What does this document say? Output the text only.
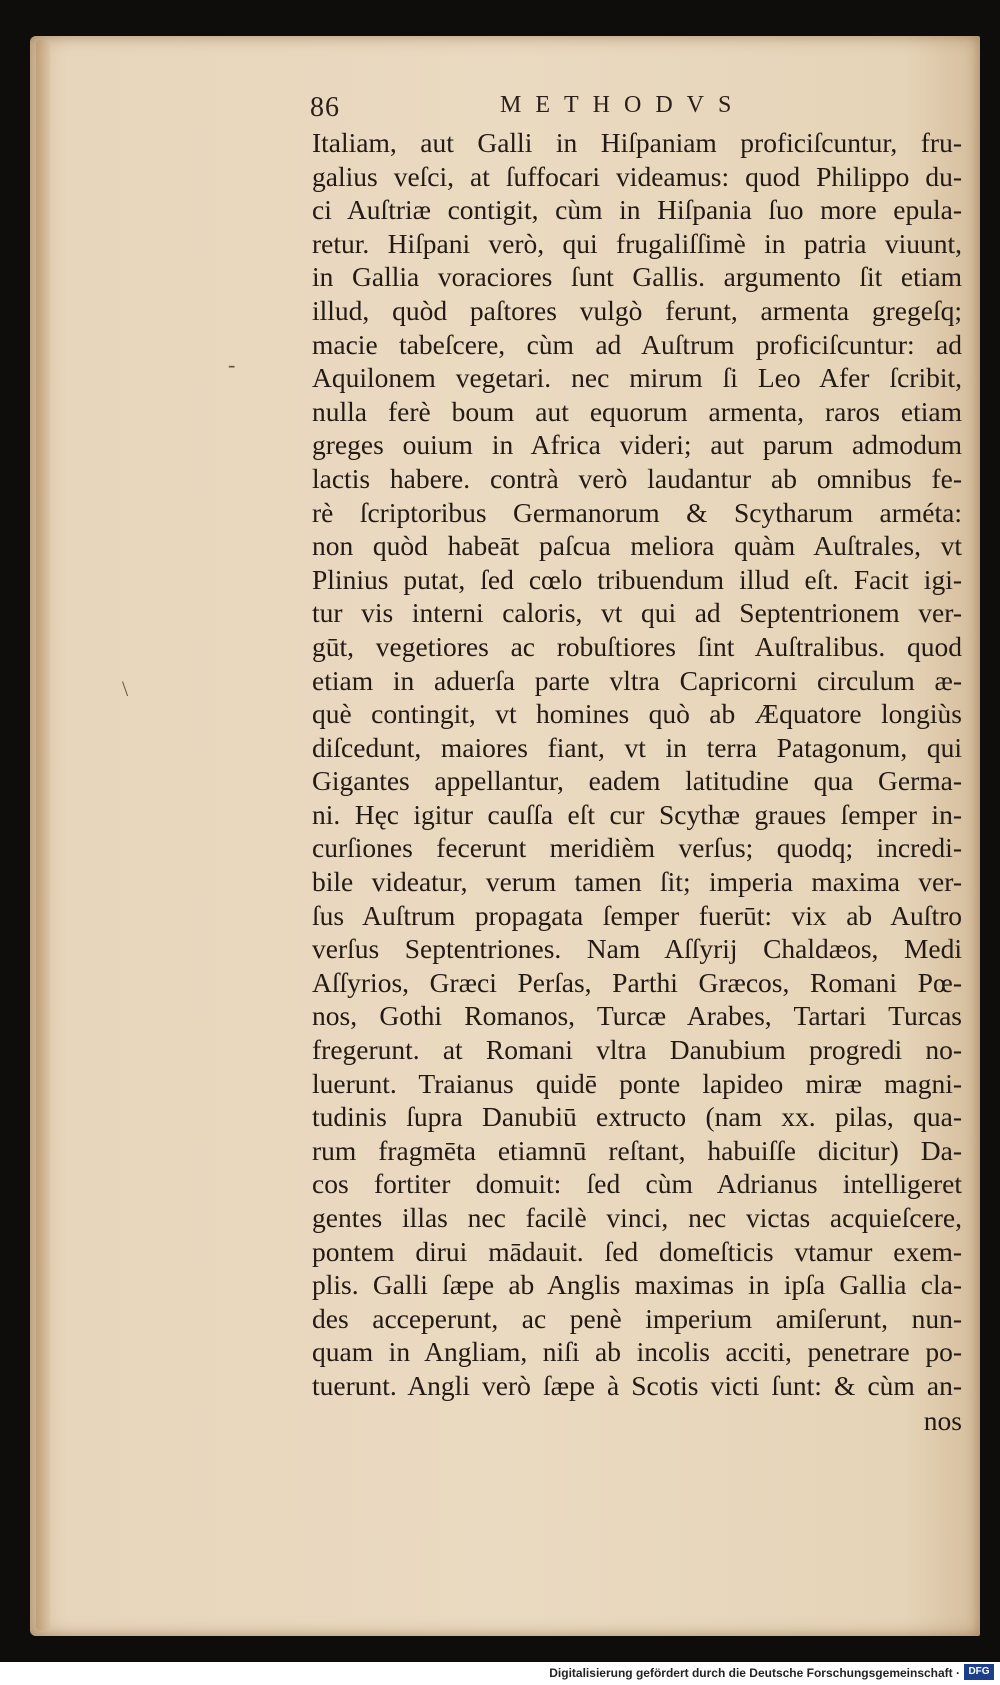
86	METHODVS
-
\
Italiam, aut Galli in Hiſpaniam proficiſcuntur, fru-
galius veſci, at ſuffocari videamus: quod Philippo du-
ci Auſtriæ contigit, cùm in Hiſpania ſuo more epula-
retur. Hiſpani verò, qui frugaliſſimè in patria viuunt,
in Gallia voraciores ſunt Gallis. argumento ſit etiam
illud, quòd paſtores vulgò ferunt, armenta gregeſq;
macie tabeſcere, cùm ad Auſtrum proficiſcuntur: ad
Aquilonem vegetari. nec mirum ſi Leo Afer ſcribit,
nulla ferè boum aut equorum armenta, raros etiam
greges ouium in Africa videri; aut parum admodum
lactis habere. contrà verò laudantur ab omnibus fe-
rè ſcriptoribus Germanorum & Scytharum arméta:
non quòd habeāt paſcua meliora quàm Auſtrales, vt
Plinius putat, ſed cœlo tribuendum illud eſt. Facit igi-
tur vis interni caloris, vt qui ad Septentrionem ver-
gūt, vegetiores ac robuſtiores ſint Auſtralibus. quod
etiam in aduerſa parte vltra Capricorni circulum æ-
què contingit, vt homines quò ab Æquatore longiùs
diſcedunt, maiores fiant, vt in terra Patagonum, qui
Gigantes appellantur, eadem latitudine qua Germa-
ni. Hęc igitur cauſſa eſt cur Scythæ graues ſemper in-
curſiones fecerunt meridièm verſus; quodq; incredi-
bile videatur, verum tamen ſit; imperia maxima ver-
ſus Auſtrum propagata ſemper fuerūt: vix ab Auſtro
verſus Septentriones. Nam Aſſyrij Chaldæos, Medi
Aſſyrios, Græci Perſas, Parthi Græcos, Romani Pœ-
nos, Gothi Romanos, Turcæ Arabes, Tartari Turcas
fregerunt. at Romani vltra Danubium progredi no-
luerunt. Traianus quidē ponte lapideo miræ magni-
tudinis ſupra Danubiū extructo (nam xx. pilas, qua-
rum fragmēta etiamnū reſtant, habuiſſe dicitur) Da-
cos fortiter domuit: ſed cùm Adrianus intelligeret
gentes illas nec facilè vinci, nec victas acquieſcere,
pontem dirui mādauit. ſed domeſticis vtamur exem-
plis. Galli ſæpe ab Anglis maximas in ipſa Gallia cla-
des acceperunt, ac penè imperium amiſerunt, nun-
quam in Angliam, niſi ab incolis acciti, penetrare po-
tuerunt. Angli verò ſæpe à Scotis victi ſunt: & cùm an-
nos
Digitalisierung gefördert durch die Deutsche Forschungsgemeinschaft · DFG
